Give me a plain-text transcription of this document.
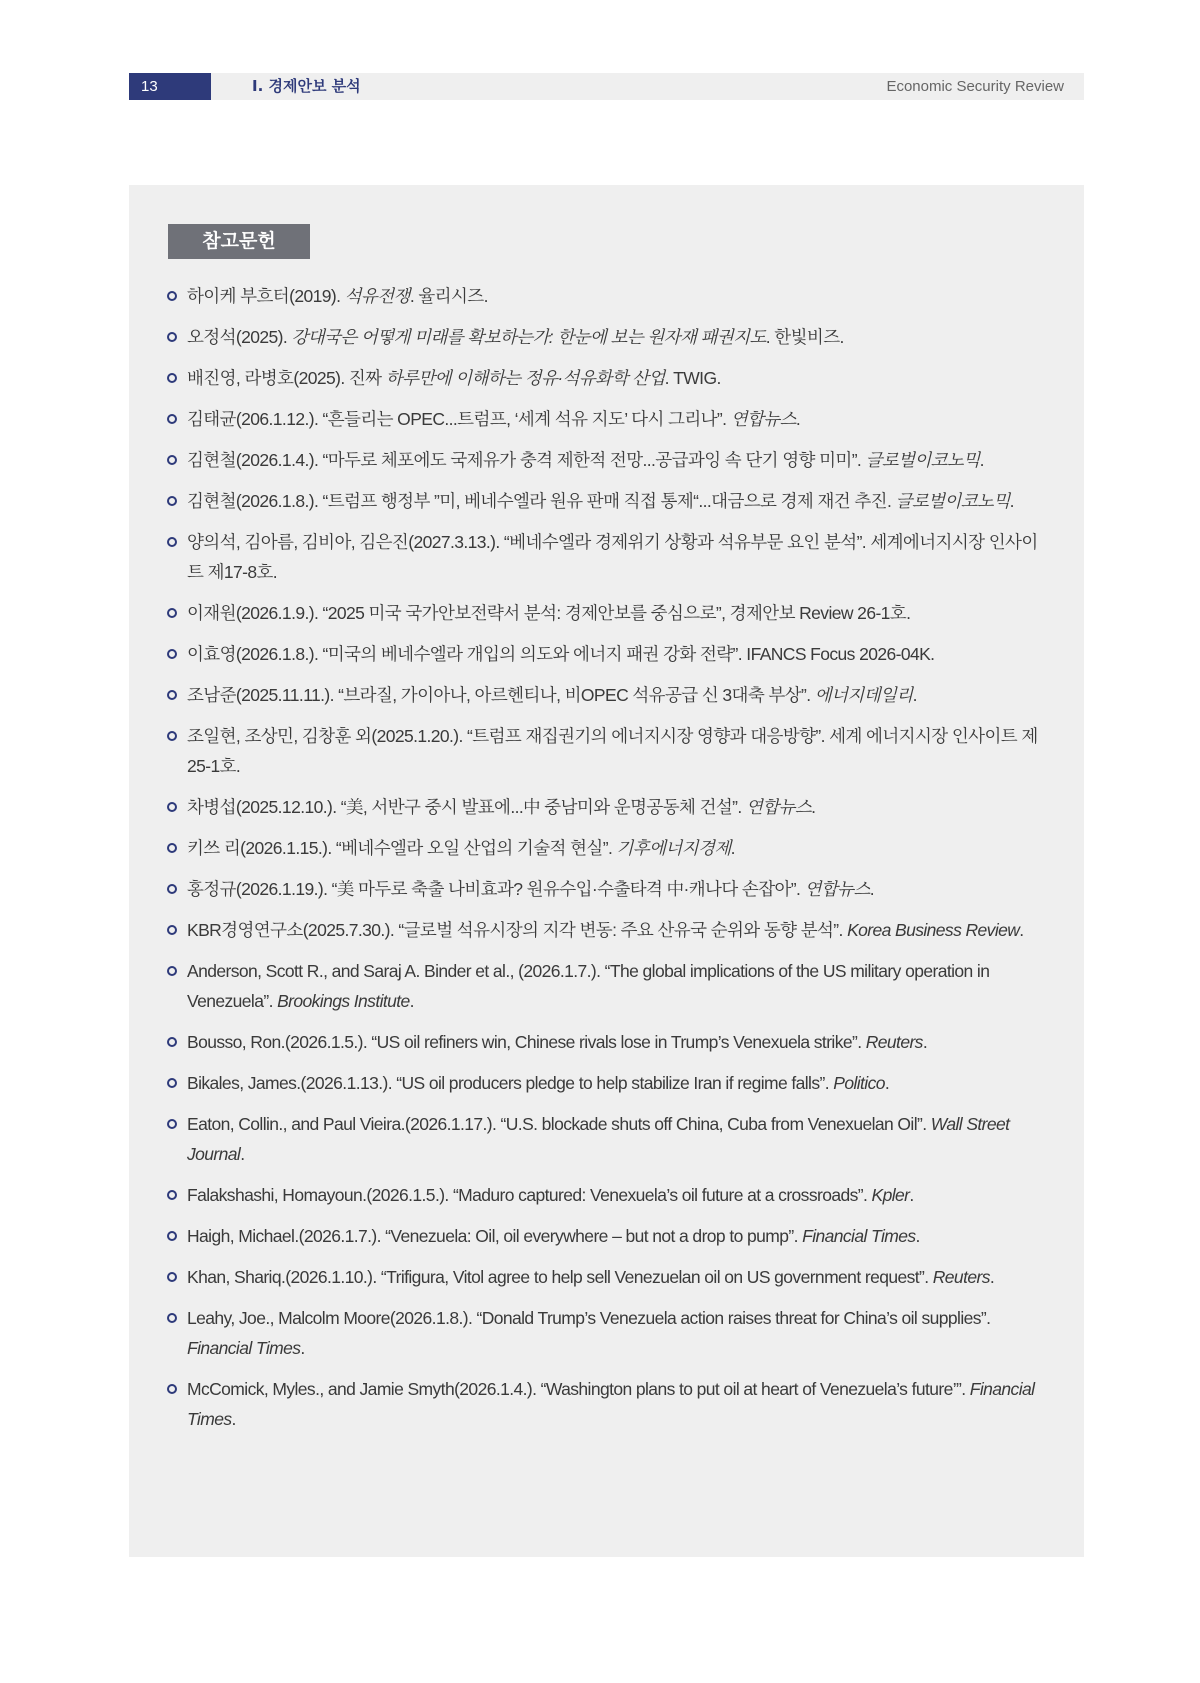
13	Ⅰ. 경제안보 분석	Economic Security Review
참고문헌
하이케 부흐터(2019). 석유전쟁. 율리시즈.
오정석(2025). 강대국은 어떻게 미래를 확보하는가: 한눈에 보는 원자재 패권지도. 한빛비즈.
배진영, 라병호(2025). 진짜 하루만에 이해하는 정유·석유화학 산업. TWIG.
김태균(206.1.12.). “흔들리는 OPEC...트럼프, ‘세계 석유 지도’ 다시 그리나”. 연합뉴스.
김현철(2026.1.4.). “마두로 체포에도 국제유가 충격 제한적 전망...공급과잉 속 단기 영향 미미”. 글로벌이코노믹.
김현철(2026.1.8.). “트럼프 행정부 ”미, 베네수엘라 원유 판매 직접 통제“...대금으로 경제 재건 추진. 글로벌이코노믹.
양의석, 김아름, 김비아, 김은진(2027.3.13.). “베네수엘라 경제위기 상황과 석유부문 요인 분석”. 세계에너지시장 인사이트 제17-8호.
이재원(2026.1.9.). “2025 미국 국가안보전략서 분석: 경제안보를 중심으로”, 경제안보 Review 26-1호.
이효영(2026.1.8.). “미국의 베네수엘라 개입의 의도와 에너지 패권 강화 전략”. IFANCS Focus 2026-04K.
조남준(2025.11.11.). “브라질, 가이아나, 아르헨티나, 비OPEC 석유공급 신 3대축 부상”. 에너지데일리.
조일현, 조상민, 김창훈 외(2025.1.20.). “트럼프 재집권기의 에너지시장 영향과 대응방향”. 세계 에너지시장 인사이트 제25-1호.
차병섭(2025.12.10.). “美, 서반구 중시 발표에...中 중남미와 운명공동체 건설”. 연합뉴스.
키쓰 리(2026.1.15.). “베네수엘라 오일 산업의 기술적 현실”. 기후에너지경제.
홍정규(2026.1.19.). “美 마두로 축출 나비효과? 원유수입·수출타격 中·캐나다 손잡아”. 연합뉴스.
KBR경영연구소(2025.7.30.). “글로벌 석유시장의 지각 변동: 주요 산유국 순위와 동향 분석”. Korea Business Review.
Anderson, Scott R., and Saraj A. Binder et al., (2026.1.7.). “The global implications of the US military operation in Venezuela”. Brookings Institute.
Bousso, Ron.(2026.1.5.). “US oil refiners win, Chinese rivals lose in Trump’s Venexuela strike”. Reuters.
Bikales, James.(2026.1.13.). “US oil producers pledge to help stabilize Iran if regime falls”. Politico.
Eaton, Collin., and Paul Vieira.(2026.1.17.). “U.S. blockade shuts off China, Cuba from Venexuelan Oil”. Wall Street Journal.
Falakshashi, Homayoun.(2026.1.5.). “Maduro captured: Venexuela’s oil future at a crossroads”. Kpler.
Haigh, Michael.(2026.1.7.). “Venezuela: Oil, oil everywhere – but not a drop to pump”. Financial Times.
Khan, Shariq.(2026.1.10.). “Trifigura, Vitol agree to help sell Venezuelan oil on US government request”. Reuters.
Leahy, Joe., Malcolm Moore(2026.1.8.). “Donald Trump’s Venezuela action raises threat for China’s oil supplies”. Financial Times.
McComick, Myles., and Jamie Smyth(2026.1.4.). “Washington plans to put oil at heart of Venezuela’s future’”. Financial Times.
